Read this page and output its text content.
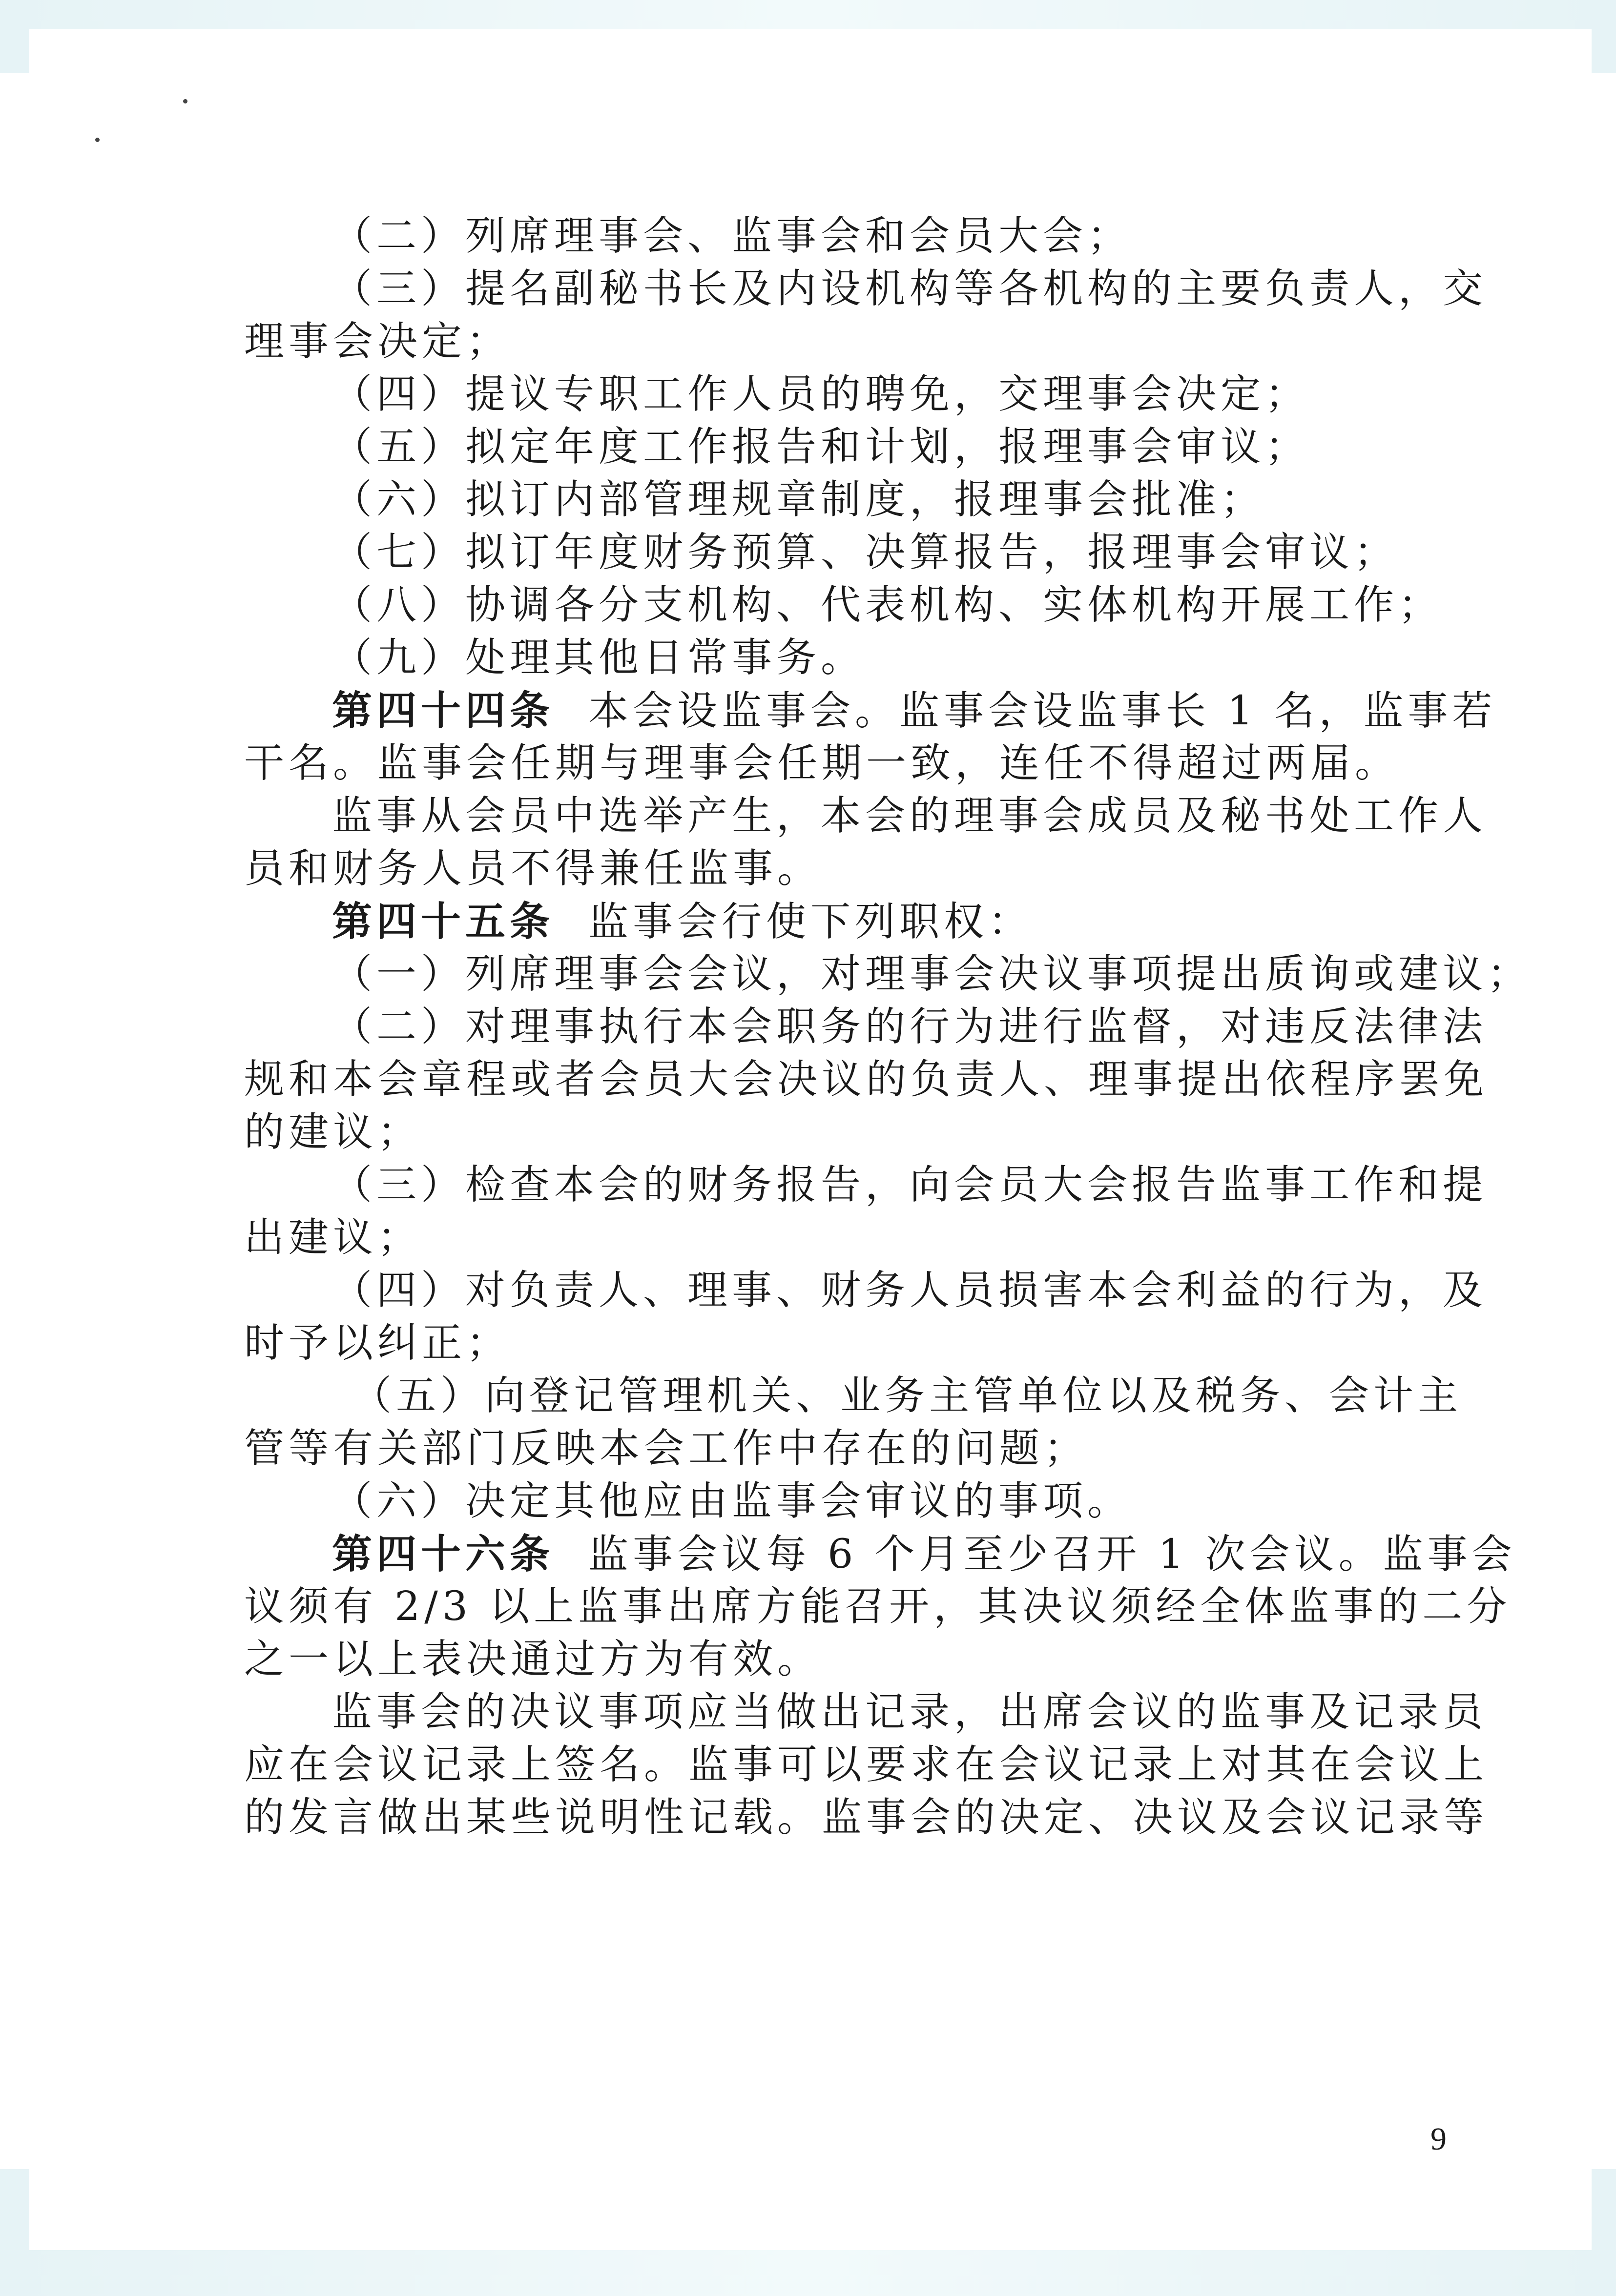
（二）列席理事会、监事会和会员大会；
（三）提名副秘书长及内设机构等各机构的主要负责人，交
理事会决定；
（四）提议专职工作人员的聘免，交理事会决定；
（五）拟定年度工作报告和计划，报理事会审议；
（六）拟订内部管理规章制度，报理事会批准；
（七）拟订年度财务预算、决算报告，报理事会审议；
（八）协调各分支机构、代表机构、实体机构开展工作；
（九）处理其他日常事务。
第四十四条 本会设监事会。监事会设监事长 1 名，监事若
干名。监事会任期与理事会任期一致，连任不得超过两届。
监事从会员中选举产生，本会的理事会成员及秘书处工作人
员和财务人员不得兼任监事。
第四十五条 监事会行使下列职权：
（一）列席理事会会议，对理事会决议事项提出质询或建议；
（二）对理事执行本会职务的行为进行监督，对违反法律法
规和本会章程或者会员大会决议的负责人、理事提出依程序罢免
的建议；
（三）检查本会的财务报告，向会员大会报告监事工作和提
出建议；
（四）对负责人、理事、财务人员损害本会利益的行为，及
时予以纠正；
（五）向登记管理机关、业务主管单位以及税务、会计主
管等有关部门反映本会工作中存在的问题；
（六）决定其他应由监事会审议的事项。
第四十六条 监事会议每 6 个月至少召开 1 次会议。监事会
议须有 2/3 以上监事出席方能召开，其决议须经全体监事的二分
之一以上表决通过方为有效。
监事会的决议事项应当做出记录，出席会议的监事及记录员
应在会议记录上签名。监事可以要求在会议记录上对其在会议上
的发言做出某些说明性记载。监事会的决定、决议及会议记录等
9
